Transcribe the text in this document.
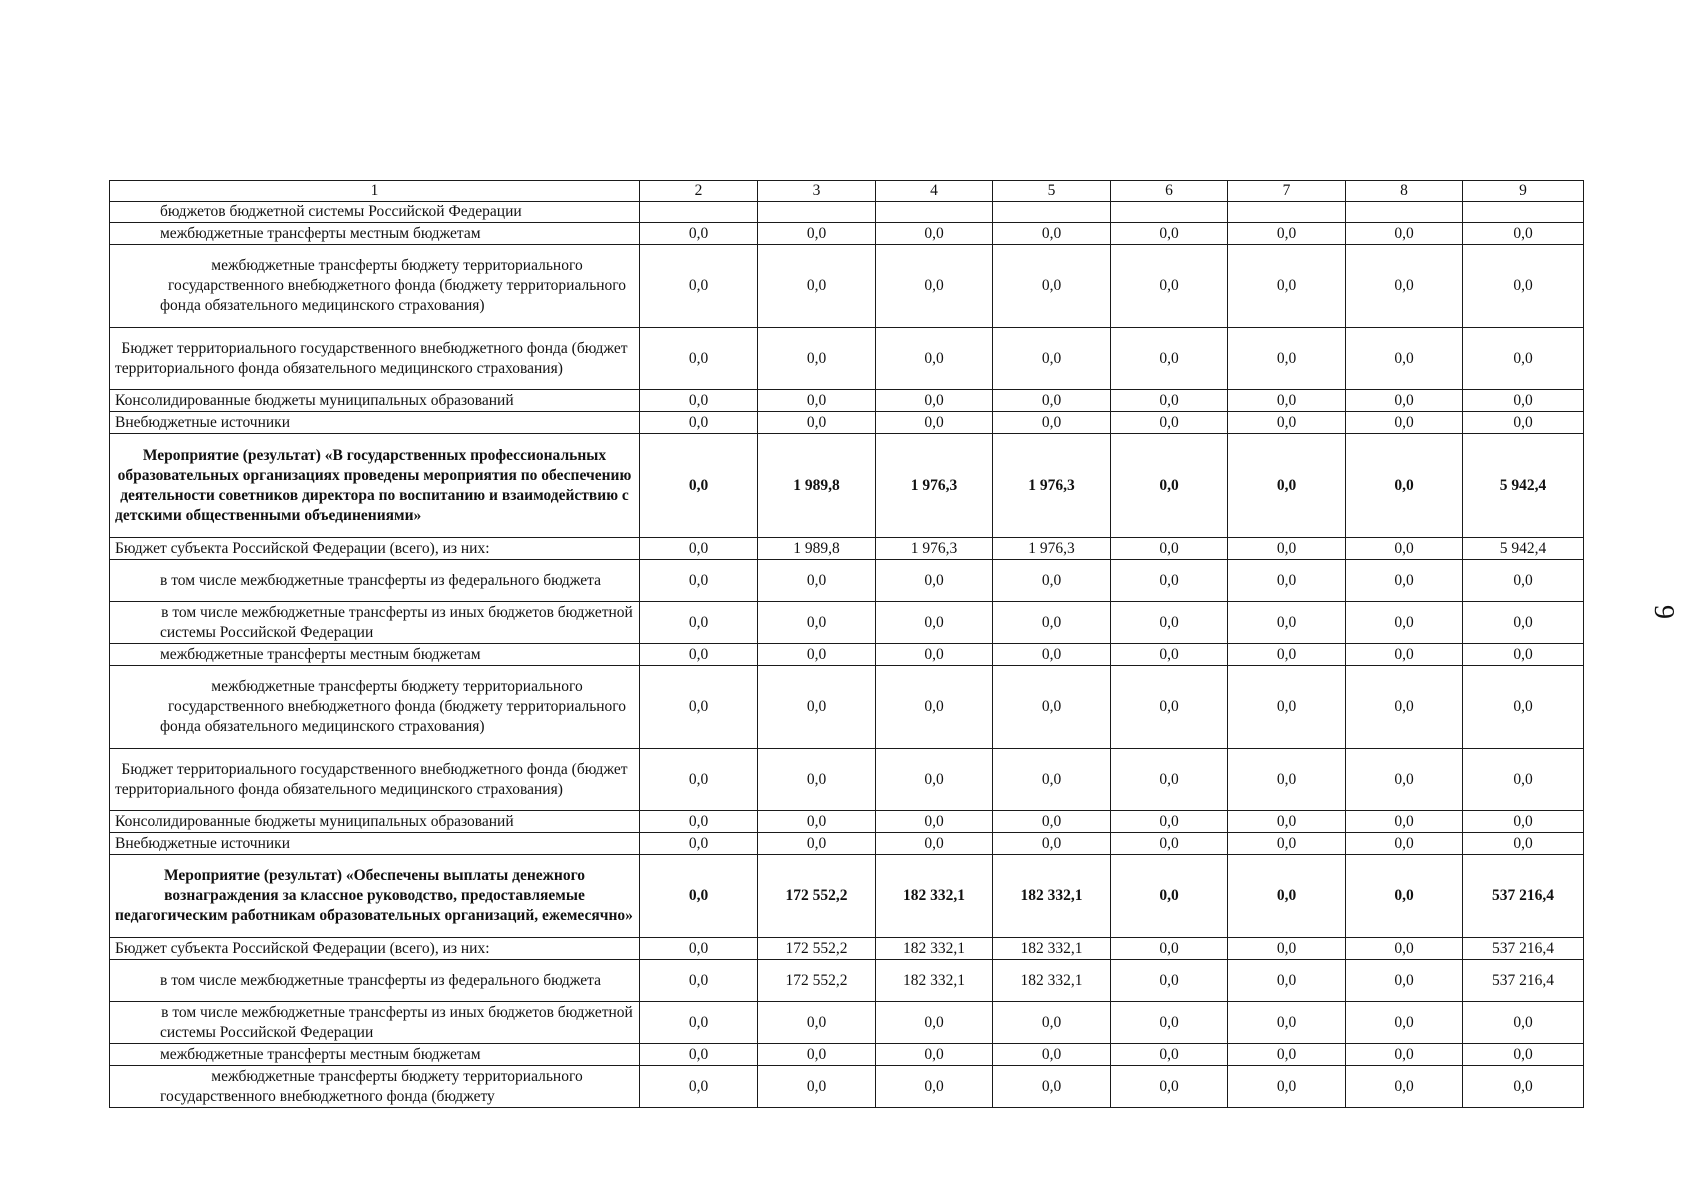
9
1	2	3	4	5	6	7	8	9
бюджетов бюджетной системы Российской Федерации								
межбюджетные трансферты местным бюджетам	0,0	0,0	0,0	0,0	0,0	0,0	0,0	0,0
межбюджетные трансферты бюджету территориального государственного внебюджетного фонда (бюджету территориального фонда обязательного медицинского страхования)	0,0	0,0	0,0	0,0	0,0	0,0	0,0	0,0
Бюджет территориального государственного внебюджетного фонда (бюджет территориального фонда обязательного медицинского страхования)	0,0	0,0	0,0	0,0	0,0	0,0	0,0	0,0
Консолидированные бюджеты муниципальных образований	0,0	0,0	0,0	0,0	0,0	0,0	0,0	0,0
Внебюджетные источники	0,0	0,0	0,0	0,0	0,0	0,0	0,0	0,0
Мероприятие (результат) «В государственных профессиональных образовательных организациях проведены мероприятия по обеспечению деятельности советников директора по воспитанию и взаимодействию с детскими общественными объединениями»	0,0	1 989,8	1 976,3	1 976,3	0,0	0,0	0,0	5 942,4
Бюджет субъекта Российской Федерации (всего), из них:	0,0	1 989,8	1 976,3	1 976,3	0,0	0,0	0,0	5 942,4
в том числе межбюджетные трансферты из федерального бюджета	0,0	0,0	0,0	0,0	0,0	0,0	0,0	0,0
в том числе межбюджетные трансферты из иных бюджетов бюджетной системы Российской Федерации	0,0	0,0	0,0	0,0	0,0	0,0	0,0	0,0
межбюджетные трансферты местным бюджетам	0,0	0,0	0,0	0,0	0,0	0,0	0,0	0,0
межбюджетные трансферты бюджету территориального государственного внебюджетного фонда (бюджету территориального фонда обязательного медицинского страхования)	0,0	0,0	0,0	0,0	0,0	0,0	0,0	0,0
Бюджет территориального государственного внебюджетного фонда (бюджет территориального фонда обязательного медицинского страхования)	0,0	0,0	0,0	0,0	0,0	0,0	0,0	0,0
Консолидированные бюджеты муниципальных образований	0,0	0,0	0,0	0,0	0,0	0,0	0,0	0,0
Внебюджетные источники	0,0	0,0	0,0	0,0	0,0	0,0	0,0	0,0
Мероприятие (результат) «Обеспечены выплаты денежного вознаграждения за классное руководство, предоставляемые педагогическим работникам образовательных организаций, ежемесячно»	0,0	172 552,2	182 332,1	182 332,1	0,0	0,0	0,0	537 216,4
Бюджет субъекта Российской Федерации (всего), из них:	0,0	172 552,2	182 332,1	182 332,1	0,0	0,0	0,0	537 216,4
в том числе межбюджетные трансферты из федерального бюджета	0,0	172 552,2	182 332,1	182 332,1	0,0	0,0	0,0	537 216,4
в том числе межбюджетные трансферты из иных бюджетов бюджетной системы Российской Федерации	0,0	0,0	0,0	0,0	0,0	0,0	0,0	0,0
межбюджетные трансферты местным бюджетам	0,0	0,0	0,0	0,0	0,0	0,0	0,0	0,0
межбюджетные трансферты бюджету территориального государственного внебюджетного фонда (бюджету	0,0	0,0	0,0	0,0	0,0	0,0	0,0	0,0
